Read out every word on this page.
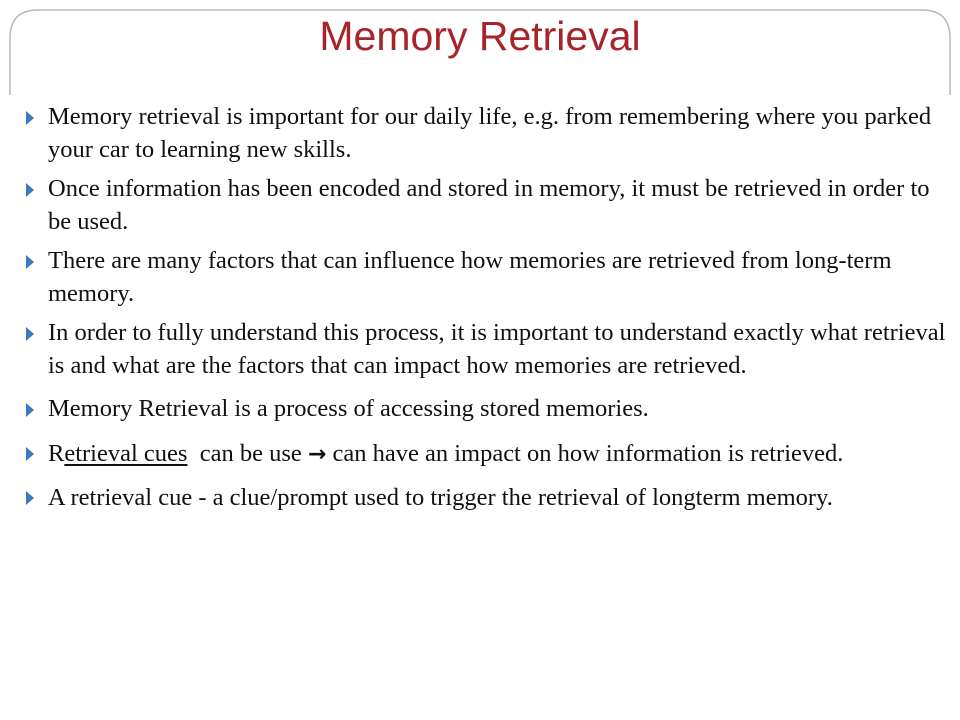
Memory Retrieval
Memory retrieval is important for our daily life, e.g. from remembering where you parked your car to learning new skills.
Once information has been encoded and stored in memory, it must be retrieved in order to be used.
There are many factors that can influence how memories are retrieved from long-term memory.
In order to fully understand this process, it is important to understand exactly what retrieval is and what are the factors that can impact how memories are retrieved.
Memory Retrieval is a process of accessing stored memories.
Retrieval cues  can be use → can have an impact on how information is retrieved.
A retrieval cue - a clue/prompt used to trigger the retrieval of longterm memory.
